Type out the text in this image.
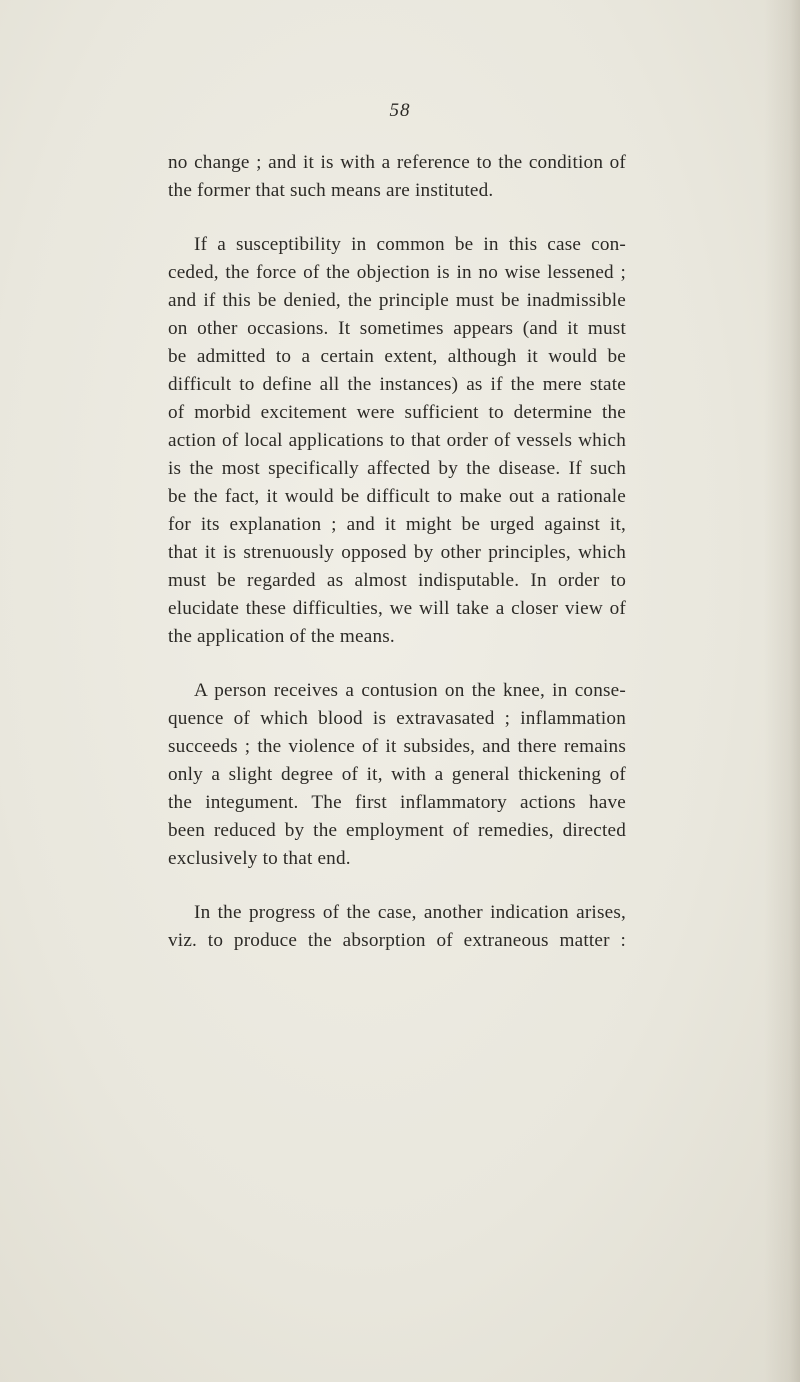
58
no change ; and it is with a reference to the condition of
the former that such means are instituted.
If a susceptibility in common be in this case con-
ceded, the force of the objection is in no wise lessened ;
and if this be denied, the principle must be inadmissible
on other occasions. It sometimes appears (and it must
be admitted to a certain extent, although it would be
difficult to define all the instances) as if the mere state
of morbid excitement were sufficient to determine the
action of local applications to that order of vessels which
is the most specifically affected by the disease. If such
be the fact, it would be difficult to make out a rationale
for its explanation ; and it might be urged against it,
that it is strenuously opposed by other principles, which
must be regarded as almost indisputable. In order to
elucidate these difficulties, we will take a closer view of
the application of the means.
A person receives a contusion on the knee, in conse-
quence of which blood is extravasated ; inflammation
succeeds ; the violence of it subsides, and there remains
only a slight degree of it, with a general thickening of
the integument. The first inflammatory actions have
been reduced by the employment of remedies, directed
exclusively to that end.
In the progress of the case, another indication arises,
viz. to produce the absorption of extraneous matter :
